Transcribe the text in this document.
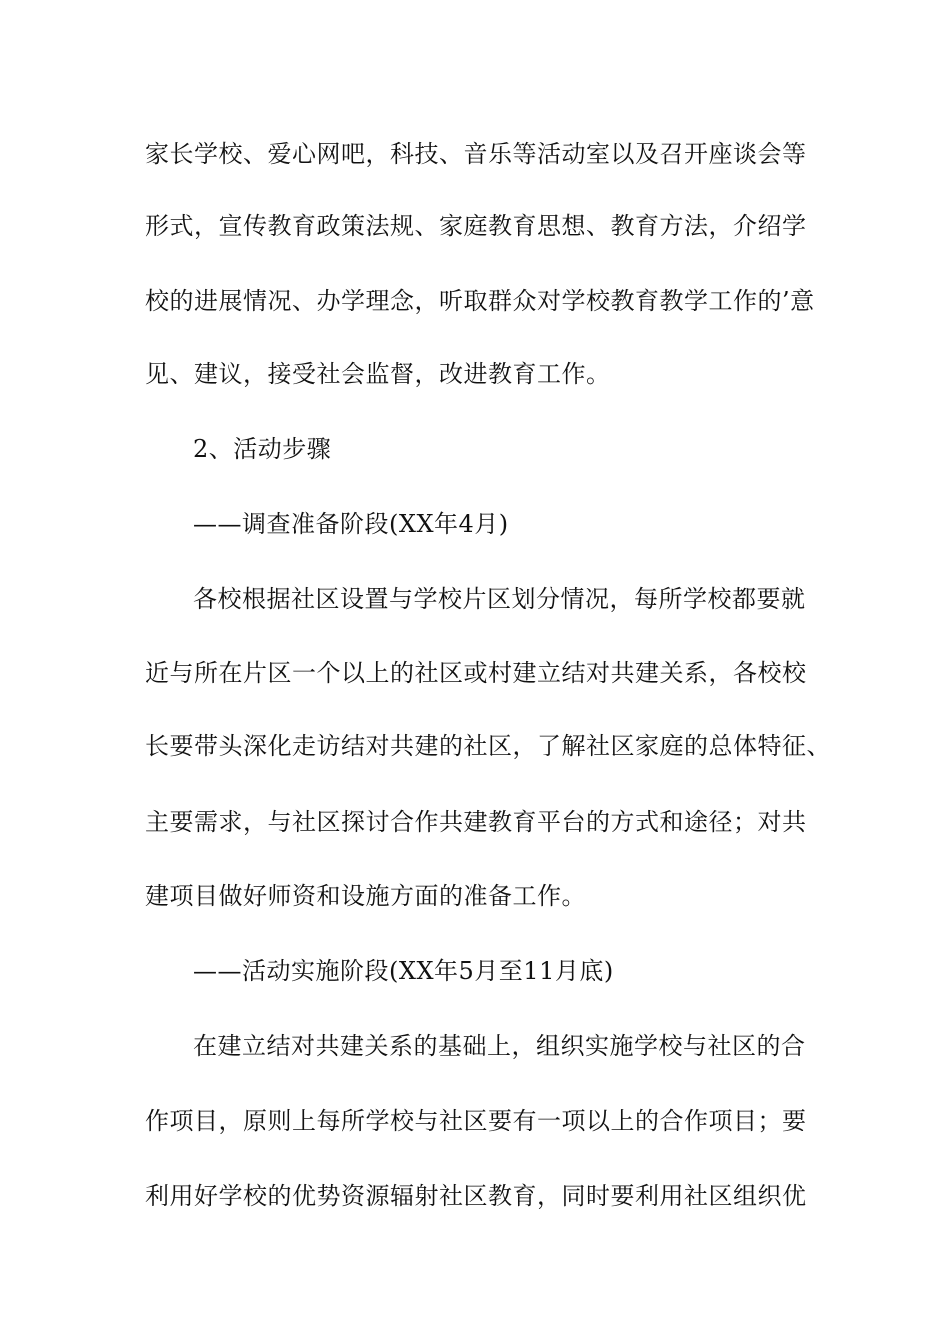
家长学校、爱心网吧，科技、音乐等活动室以及召开座谈会等
形式，宣传教育政策法规、家庭教育思想、教育方法，介绍学
校的进展情况、办学理念，听取群众对学校教育教学工作的’意
见、建议，接受社会监督，改进教育工作。
2、活动步骤
——调查准备阶段(XX年4月)
各校根据社区设置与学校片区划分情况，每所学校都要就
近与所在片区一个以上的社区或村建立结对共建关系，各校校
长要带头深化走访结对共建的社区，了解社区家庭的总体特征、
主要需求，与社区探讨合作共建教育平台的方式和途径；对共
建项目做好师资和设施方面的准备工作。
——活动实施阶段(XX年5月至11月底)
在建立结对共建关系的基础上，组织实施学校与社区的合
作项目，原则上每所学校与社区要有一项以上的合作项目；要
利用好学校的优势资源辐射社区教育，同时要利用社区组织优
